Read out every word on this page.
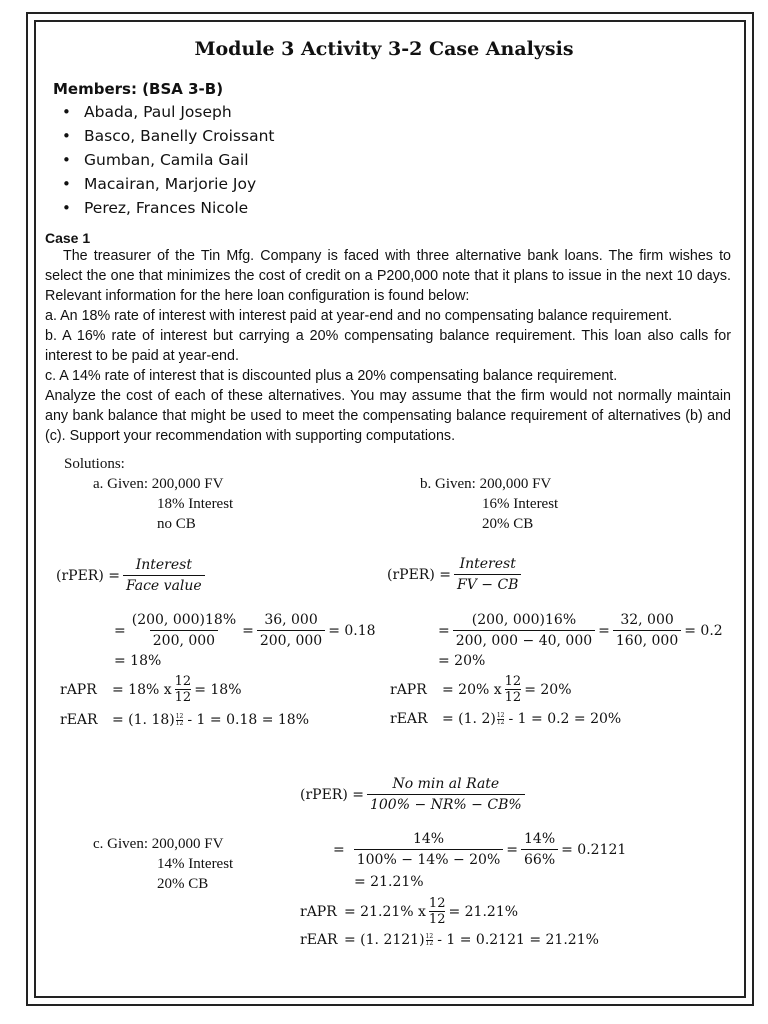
Module 3 Activity 3-2 Case Analysis
Members: (BSA 3-B)
• Abada, Paul Joseph
• Basco, Banelly Croissant
• Gumban, Camila Gail
• Macairan, Marjorie Joy
• Perez, Frances Nicole
Case 1

The treasurer of the Tin Mfg. Company is faced with three alternative bank loans. The firm wishes to select the one that minimizes the cost of credit on a P200,000 note that it plans to issue in the next 10 days. Relevant information for the here loan configuration is found below:

a. An 18% rate of interest with interest paid at year-end and no compensating balance requirement.

b. A 16% rate of interest but carrying a 20% compensating balance requirement. This loan also calls for interest to be paid at year-end.

c. A 14% rate of interest that is discounted plus a 20% compensating balance requirement.

Analyze the cost of each of these alternatives. You may assume that the firm would not normally maintain any bank balance that might be used to meet the compensating balance requirement of alternatives (b) and (c). Support your recommendation with supporting computations.

Solutions:
a. Given: 200,000 FV
18% Interest
no CB
(rPER) = $\frac{\text{Interest}}{\text{Face value}}$
= $\frac{(200, 000)18\%}{200, 000} = \frac{36, 000}{200, 000} = 0.18$
= 18%
rAPR	= 18% x $\frac{12}{12} = 18\%$
rEAR	= (1. $18) \frac{12}{12} - 1 = 0.18 = 18\%$
b. Given: 200,000 FV
16% Interest
20% CB
(rPER) = $\frac{\text{Interest}}{FV - CB}$
= $\frac{(200, 000)16\%}{200, 000 - 40, 000} = \frac{32, 000}{160, 000} = 0.2$
= 20%
rAPR	= 20% x $\frac{12}{12} = 20\%$
rEAR	= (1. $2) \frac{12}{12} - 1 = 0.2 = 20\%$
(rPER) = $\frac{\text{No min al Rate}}{100\% - NR\% - CB\%}$
c. Given: 200,000 FV
14% Interest
20% CB
= $\frac{14\%}{100\% - 14\% - 20\%} = \frac{14\%}{66\%} = 0.2121$
= 21.21%
rAPR = 21.21% x $\frac{12}{12} = 21.21\%$
rEAR = (1. $2121) \frac{12}{12} - 1 = 0.2121 = 21.21\%$
